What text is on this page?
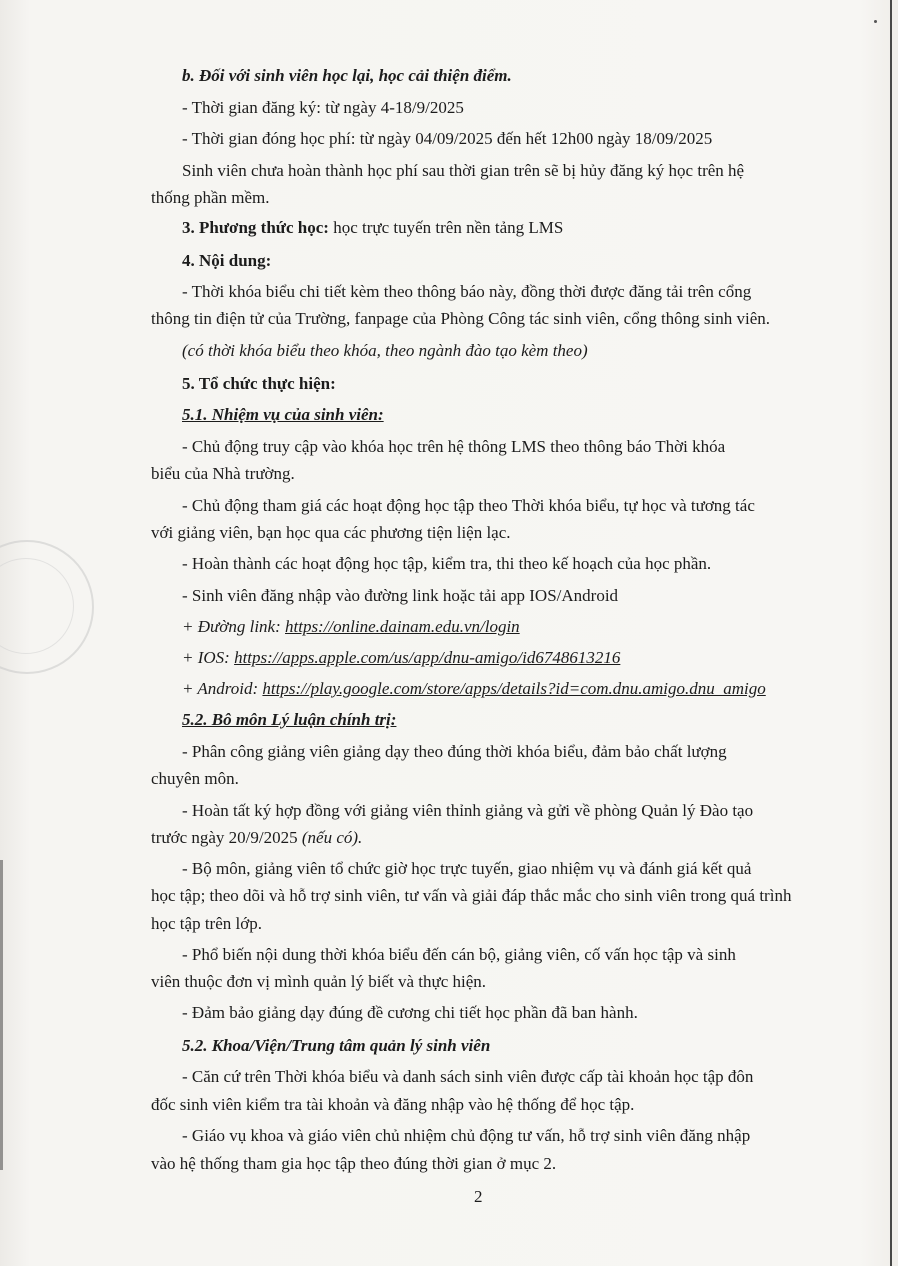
b. Đối với sinh viên học lại, học cải thiện điểm.
- Thời gian đăng ký: từ ngày 4-18/9/2025
- Thời gian đóng học phí: từ ngày 04/09/2025 đến hết 12h00 ngày 18/09/2025
Sinh viên chưa hoàn thành học phí sau thời gian trên sẽ bị hủy đăng ký học trên hệ
thống phần mềm.
3. Phương thức học: học trực tuyến trên nền tảng LMS
4. Nội dung:
- Thời khóa biểu chi tiết kèm theo thông báo này, đồng thời được đăng tải trên cổng
thông tin điện tử của Trường, fanpage của Phòng Công tác sinh viên, cổng thông sinh viên.
(có thời khóa biểu theo khóa, theo ngành đào tạo kèm theo)
5. Tổ chức thực hiện:
5.1. Nhiệm vụ của sinh viên:
- Chủ động truy cập vào khóa học trên hệ thông LMS theo thông báo Thời khóa
biểu của Nhà trường.
- Chủ động tham giá các hoạt động học tập theo Thời khóa biểu, tự học và tương tác
với giảng viên, bạn học qua các phương tiện liện lạc.
- Hoàn thành các hoạt động học tập, kiểm tra, thi theo kế hoạch của học phần.
- Sinh viên đăng nhập vào đường link hoặc tải app IOS/Android
+ Đường link: https://online.dainam.edu.vn/login
+ IOS: https://apps.apple.com/us/app/dnu-amigo/id6748613216
+ Android: https://play.google.com/store/apps/details?id=com.dnu.amigo.dnu_amigo
5.2. Bô môn Lý luận chính trị:
- Phân công giảng viên giảng dạy theo đúng thời khóa biểu, đảm bảo chất lượng
chuyên môn.
- Hoàn tất ký hợp đồng với giảng viên thỉnh giảng và gửi về phòng Quản lý Đào tạo
trước ngày 20/9/2025 (nếu có).
- Bộ môn, giảng viên tổ chức giờ học trực tuyến, giao nhiệm vụ và đánh giá kết quả
học tập; theo dõi và hỗ trợ sinh viên, tư vấn và giải đáp thắc mắc cho sinh viên trong quá trình
học tập trên lớp.
- Phổ biến nội dung thời khóa biểu đến cán bộ, giảng viên, cố vấn học tập và sinh
viên thuộc đơn vị mình quản lý biết và thực hiện.
- Đảm bảo giảng dạy đúng đề cương chi tiết học phần đã ban hành.
5.2. Khoa/Viện/Trung tâm quản lý sinh viên
- Căn cứ trên Thời khóa biểu và danh sách sinh viên được cấp tài khoản học tập đôn
đốc sinh viên kiểm tra tài khoản và đăng nhập vào hệ thống để học tập.
- Giáo vụ khoa và giáo viên chủ nhiệm chủ động tư vấn, hỗ trợ sinh viên đăng nhập
vào hệ thống tham gia học tập theo đúng thời gian ở mục 2.
2
